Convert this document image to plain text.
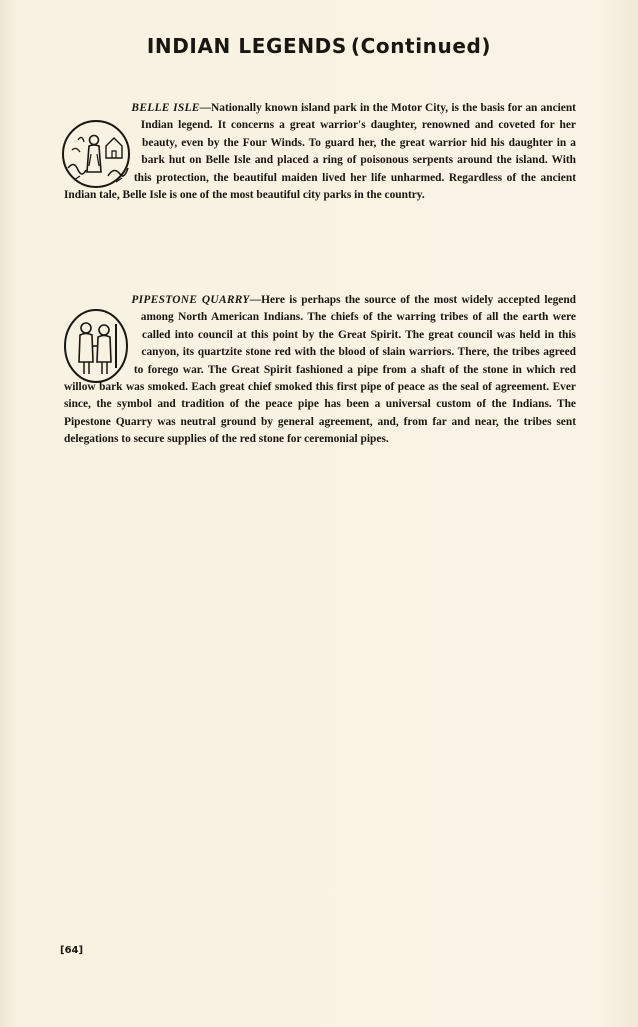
INDIAN LEGENDS (Continued)

BELLE ISLE—Nationally known island park in the Motor City, is the basis for an ancient Indian legend. It concerns a great warrior's daughter, renowned and coveted for her beauty, even by the Four Winds. To guard her, the great warrior hid his daughter in a bark hut on Belle Isle and placed a ring of poisonous serpents around the island. With this protection, the beautiful maiden lived her life unharmed. Regardless of the ancient Indian tale, Belle Isle is one of the most beautiful city parks in the country.

PIPESTONE QUARRY—Here is perhaps the source of the most widely accepted legend among North American Indians. The chiefs of the warring tribes of all the earth were called into council at this point by the Great Spirit. The great council was held in this canyon, its quartzite stone red with the blood of slain warriors. There, the tribes agreed to forego war. The Great Spirit fashioned a pipe from a shaft of the stone in which red willow bark was smoked. Each great chief smoked this first pipe of peace as the seal of agreement. Ever since, the symbol and tradition of the peace pipe has been a universal custom of the Indians. The Pipestone Quarry was neutral ground by general agreement, and, from far and near, the tribes sent delegations to secure supplies of the red stone for ceremonial pipes.

[64]
